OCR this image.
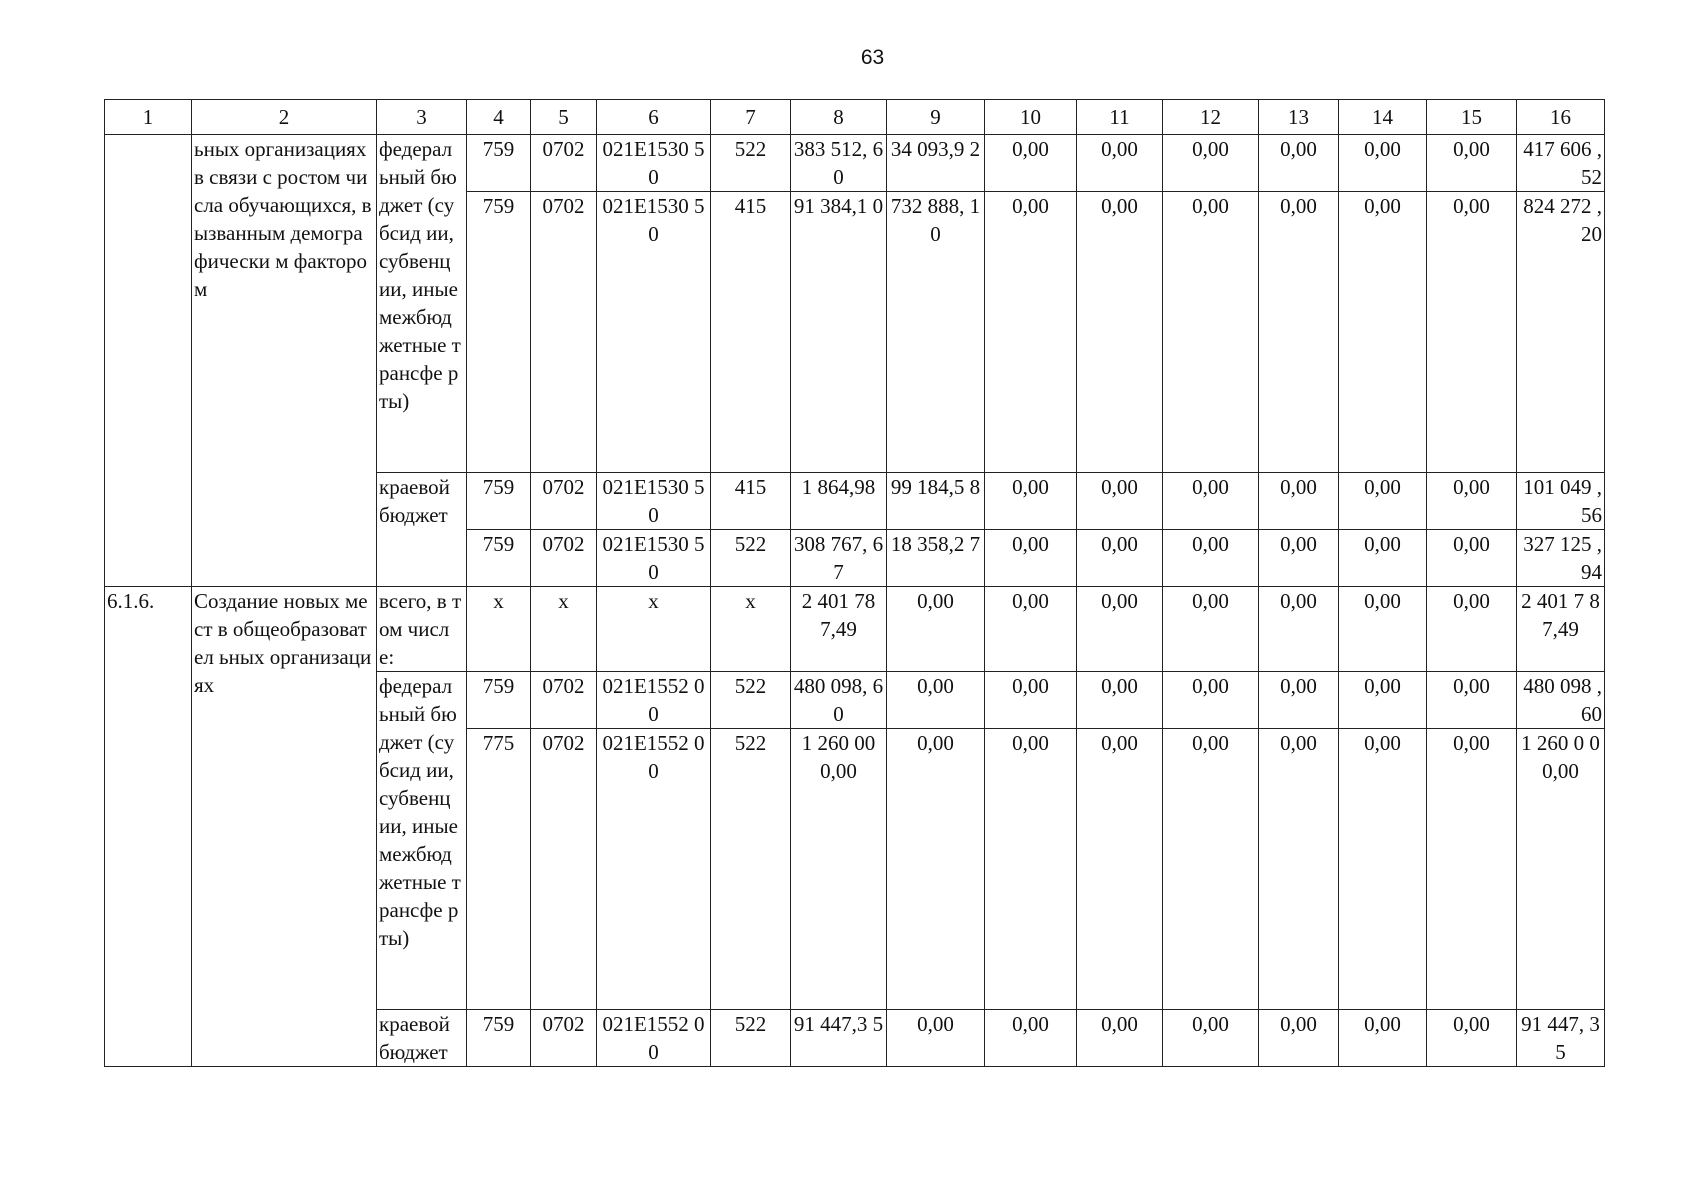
63
1	2	3	4	5	6	7	8	9	10	11	12	13	14	15	16
	ьных организациях в связи с ростом числа обучающихся, вызванным демографически м фактором	федерал ьный бюджет (субсид ии, субвенц ии, иные межбюд жетные трансфе рты)	759	0702	021E1530 50	522	383 512, 60	34 093,9 2	0,00	0,00	0,00	0,00	0,00	0,00	417 606 ,52
			759	0702	021E1530 50	415	91 384,1 0	732 888, 10	0,00	0,00	0,00	0,00	0,00	0,00	824 272 ,20
		краевой бюджет	759	0702	021E1530 50	415	1 864,98	99 184,5 8	0,00	0,00	0,00	0,00	0,00	0,00	101 049 ,56
			759	0702	021E1530 50	522	308 767, 67	18 358,2 7	0,00	0,00	0,00	0,00	0,00	0,00	327 125 ,94
6.1.6.	Создание новых мест в общеобразовател ьных организациях	всего, в том числе:	х	х	х	х	2 401 78 7,49	0,00	0,00	0,00	0,00	0,00	0,00	0,00	2 401 7 87,49
		федерал ьный бюджет (субсид ии, субвенц ии, иные межбюд жетные трансфе рты)	759	0702	021E1552 00	522	480 098, 60	0,00	0,00	0,00	0,00	0,00	0,00	0,00	480 098 ,60
			775	0702	021E1552 00	522	1 260 00 0,00	0,00	0,00	0,00	0,00	0,00	0,00	0,00	1 260 0 00,00
		краевой бюджет	759	0702	021E1552 00	522	91 447,3 5	0,00	0,00	0,00	0,00	0,00	0,00	0,00	91 447, 35
